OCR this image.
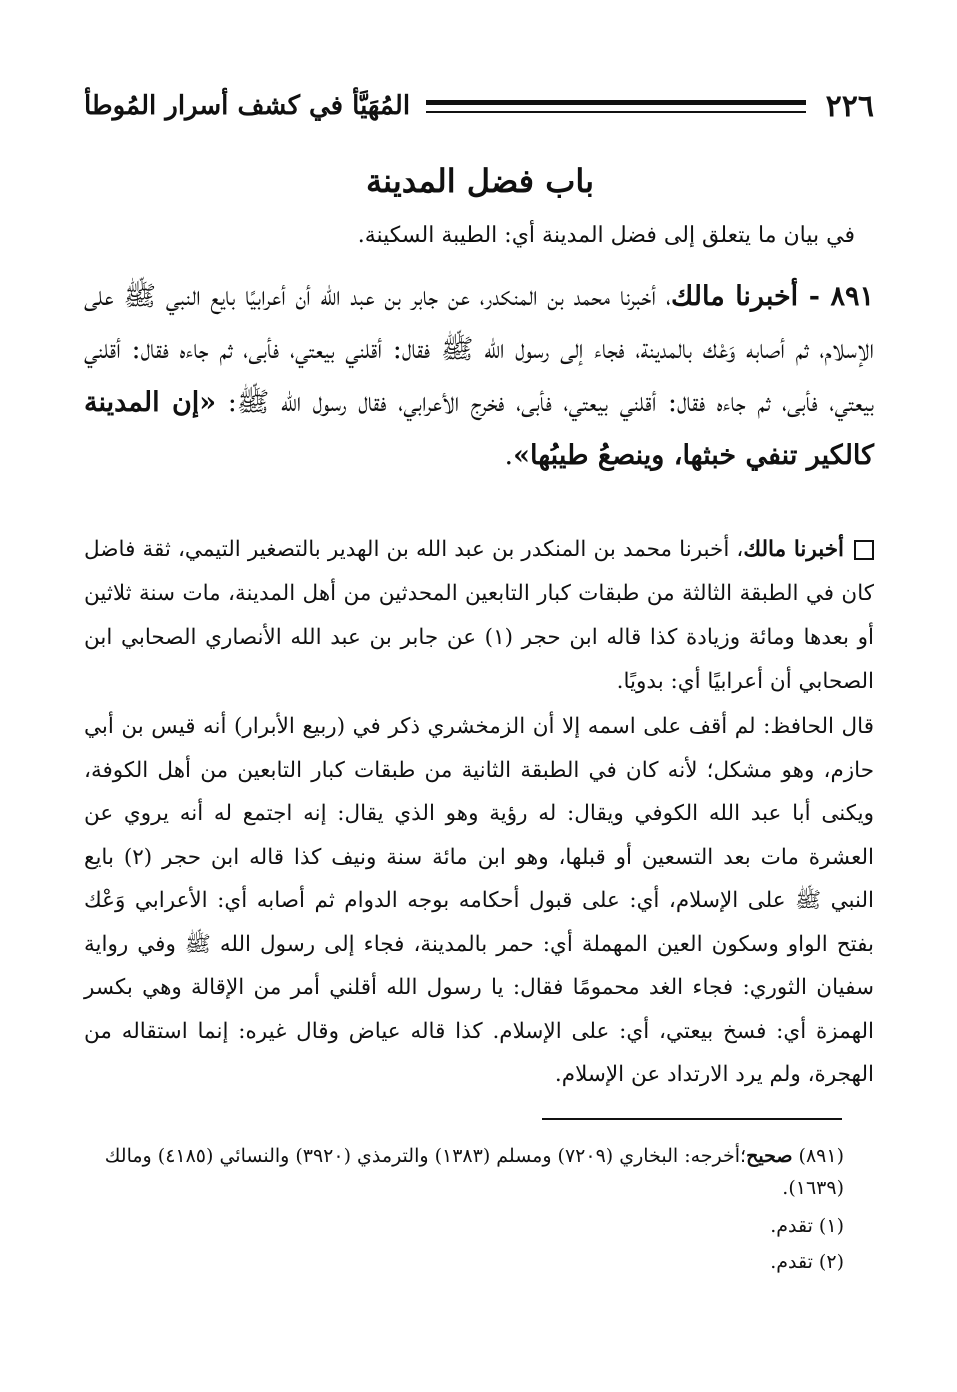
٢٢٦
المُهَيَّأ في كشف أسرار المُوطأ
باب فضل المدينة
في بيان ما يتعلق إلى فضل المدينة أي: الطيبة السكينة.
٨٩١ - أخبرنا مالك، أخبرنا محمد بن المنكدر، عن جابر بن عبد الله أن أعرابيًا بايع النبي ﷺ على الإسلام، ثم أصابه وَعْك بالمدينة، فجاء إلى رسول الله ﷺ فقال: أقلني بيعتي، فأبى، ثم جاءه فقال: أقلني بيعتي، فأبى، ثم جاءه فقال: أقلني بيعتي، فأبى، فخرج الأعرابي، فقال رسول الله ﷺ: «إن المدينة كالكير تنفي خبثها، وينصعُ طيبُها».
أخبرنا مالك، أخبرنا محمد بن المنكدر بن عبد الله بن الهدير بالتصغير التيمي، ثقة فاضل كان في الطبقة الثالثة من طبقات كبار التابعين المحدثين من أهل المدينة، مات سنة ثلاثين أو بعدها ومائة وزيادة كذا قاله ابن حجر (١) عن جابر بن عبد الله الأنصاري الصحابي ابن الصحابي أن أعرابيًا أي: بدويًا.
قال الحافظ: لم أقف على اسمه إلا أن الزمخشري ذكر في (ربيع الأبرار) أنه قيس بن أبي حازم، وهو مشكل؛ لأنه كان في الطبقة الثانية من طبقات كبار التابعين من أهل الكوفة، ويكنى أبا عبد الله الكوفي ويقال: له رؤية وهو الذي يقال: إنه اجتمع له أنه يروي عن العشرة مات بعد التسعين أو قبلها، وهو ابن مائة سنة ونيف كذا قاله ابن حجر (٢) بايع النبي ﷺ على الإسلام، أي: على قبول أحكامه بوجه الدوام ثم أصابه أي: الأعرابي وَعْك بفتح الواو وسكون العين المهملة أي: حمر بالمدينة، فجاء إلى رسول الله ﷺ وفي رواية سفيان الثوري: فجاء الغد محمومًا فقال: يا رسول الله أقلني أمر من الإقالة وهي بكسر الهمزة أي: فسخ بيعتي، أي: على الإسلام. كذا قاله عياض وقال غيره: إنما استقاله من الهجرة، ولم يرد الارتداد عن الإسلام.
(٨٩١) صحيح؛أخرجه: البخاري (٧٢٠٩) ومسلم (١٣٨٣) والترمذي (٣٩٢٠) والنسائي (٤١٨٥) ومالك (١٦٣٩).
(١) تقدم.
(٢) تقدم.
